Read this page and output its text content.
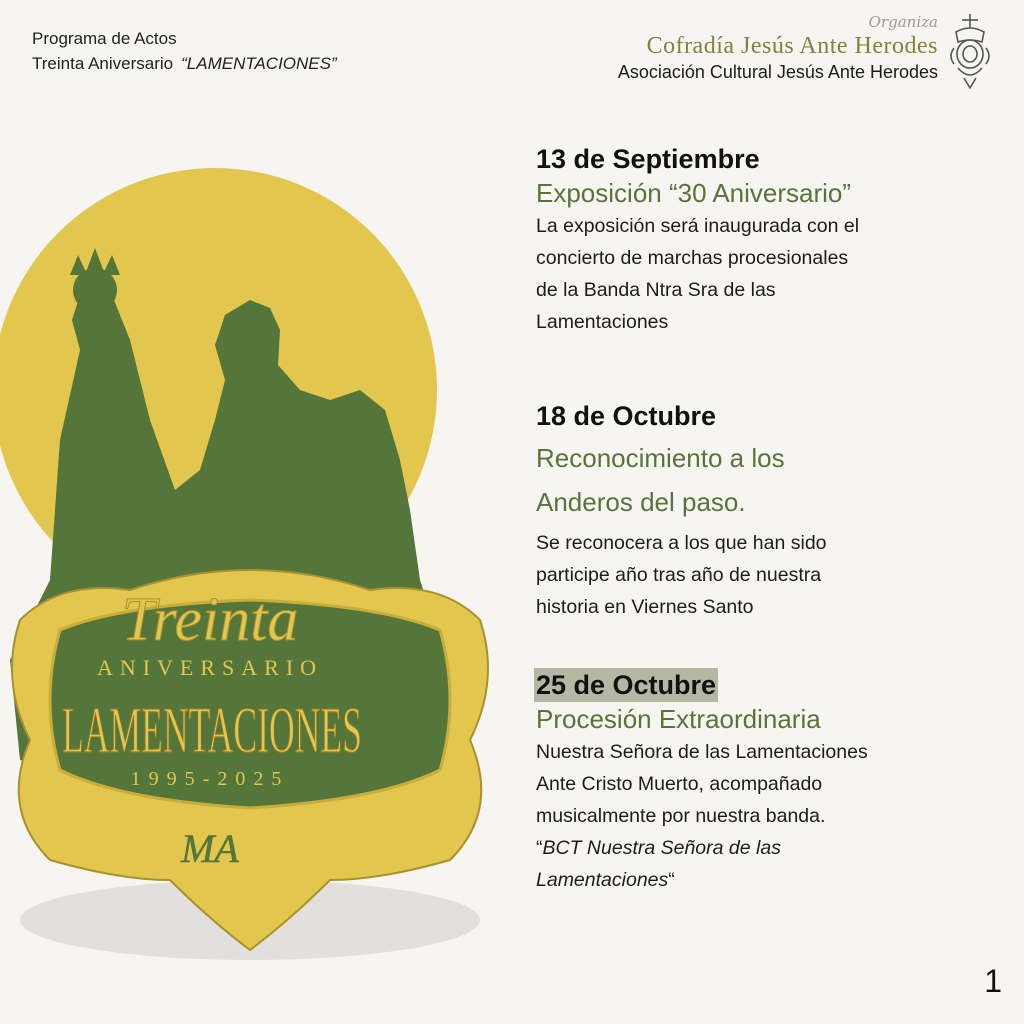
Programa de Actos
Treinta Aniversario “LAMENTACIONES”
Organiza
Cofradía Jesús Ante Herodes
Asociación Cultural Jesús Ante Herodes
Treinta
ANIVERSARIO
LAMENTACIONES
1995-2025
MA
13 de Septiembre
Exposición “30 Aniversario”
La exposición será inaugurada con el
concierto de marchas procesionales
de la Banda Ntra Sra de las
Lamentaciones
18 de Octubre
Reconocimiento a los
Anderos del paso.
Se reconocera a los que han sido
participe año tras año de nuestra
historia en Viernes Santo
25 de Octubre
Procesión Extraordinaria
Nuestra Señora de las Lamentaciones
Ante Cristo Muerto, acompañado
musicalmente por nuestra banda.
“BCT Nuestra Señora de las
Lamentaciones“
1
